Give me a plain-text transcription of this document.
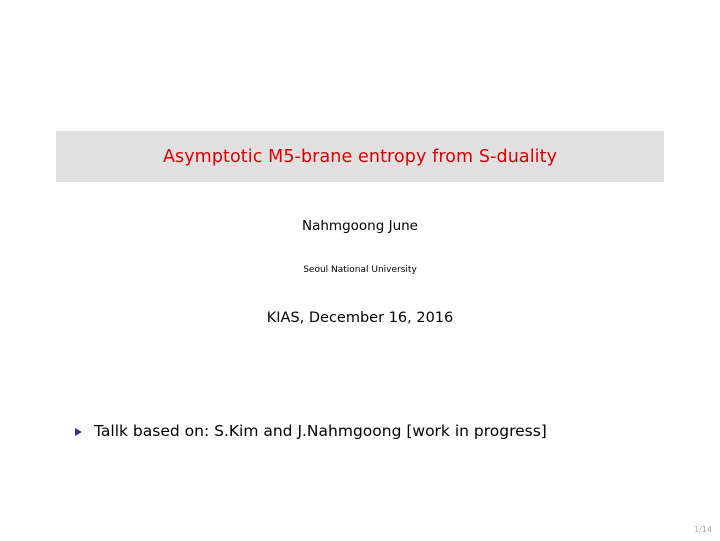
Asymptotic M5-brane entropy from S-duality
Nahmgoong June
Seoul National University
KIAS, December 16, 2016
Tallk based on: S.Kim and J.Nahmgoong [work in progress]
1/14
